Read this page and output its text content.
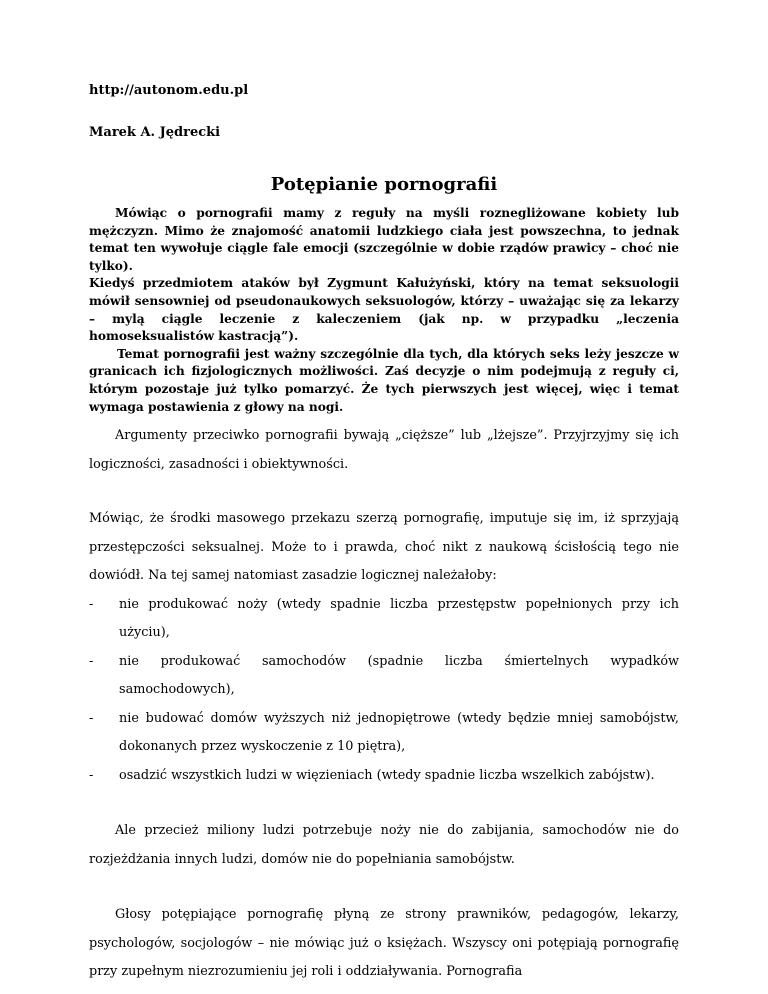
http://autonom.edu.pl

Marek A. Jędrecki

Potępianie pornografii

Mówiąc o pornografii mamy z reguły na myśli roznegliżowane kobiety lub mężczyzn. Mimo że znajomość anatomii ludzkiego ciała jest powszechna, to jednak temat ten wywołuje ciągle fale emocji (szczególnie w dobie rządów prawicy – choć nie tylko).

Kiedyś przedmiotem ataków był Zygmunt Kałużyński, który na temat seksuologii mówił sensowniej od pseudonaukowych seksuologów, którzy – uważając się za lekarzy – mylą ciągle leczenie z kaleczeniem (jak np. w przypadku „leczenia homoseksualistów kastracją”).

Temat pornografii jest ważny szczególnie dla tych, dla których seks leży jeszcze w granicach ich fizjologicznych możliwości. Zaś decyzje o nim podejmują z reguły ci, którym pozostaje już tylko pomarzyć. Że tych pierwszych jest więcej, więc i temat wymaga postawienia z głowy na nogi.

Argumenty przeciwko pornografii bywają „cięższe” lub „lżejsze”. Przyjrzyjmy się ich logiczności, zasadności i obiektywności.

Mówiąc, że środki masowego przekazu szerzą pornografię, imputuje się im, iż sprzyjają przestępczości seksualnej. Może to i prawda, choć nikt z naukową ścisłością tego nie dowiódł. Na tej samej natomiast zasadzie logicznej należałoby:

- nie produkować noży (wtedy spadnie liczba przestępstw popełnionych przy ich użyciu),
- nie produkować samochodów (spadnie liczba śmiertelnych wypadków samochodowych),
- nie budować domów wyższych niż jednopiętrowe (wtedy będzie mniej samobójstw, dokonanych przez wyskoczenie z 10 piętra),
- osadzić wszystkich ludzi w więzieniach (wtedy spadnie liczba wszelkich zabójstw).

Ale przecież miliony ludzi potrzebuje noży nie do zabijania, samochodów nie do rozjeżdżania innych ludzi, domów nie do popełniania samobójstw.

Głosy potępiające pornografię płyną ze strony prawników, pedagogów, lekarzy, psychologów, socjologów – nie mówiąc już o księżach. Wszyscy oni potępiają pornografię przy zupełnym niezrozumieniu jej roli i oddziaływania. Pornografia
